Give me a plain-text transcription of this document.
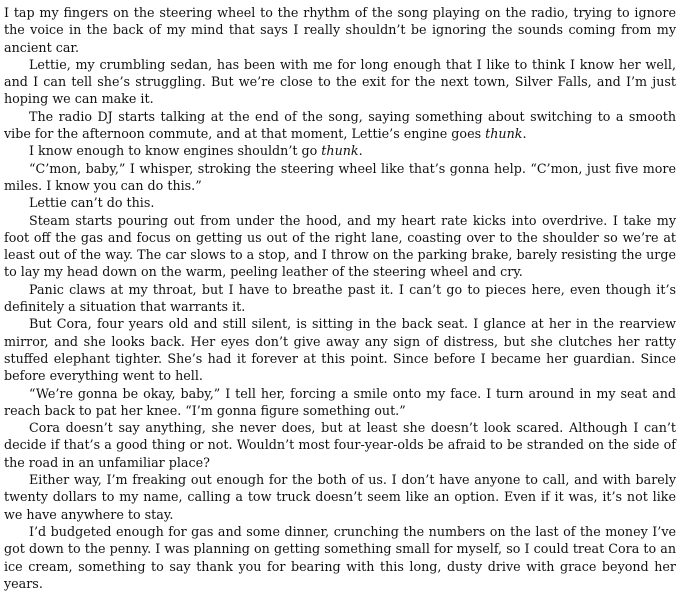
I tap my fingers on the steering wheel to the rhythm of the song playing on the radio, trying to ignore the voice in the back of my mind that says I really shouldn’t be ignoring the sounds coming from my ancient car.

Lettie, my crumbling sedan, has been with me for long enough that I like to think I know her well, and I can tell she’s struggling. But we’re close to the exit for the next town, Silver Falls, and I’m just hoping we can make it.

The radio DJ starts talking at the end of the song, saying something about switching to a smooth vibe for the afternoon commute, and at that moment, Lettie’s engine goes thunk.

I know enough to know engines shouldn’t go thunk.

“C’mon, baby,” I whisper, stroking the steering wheel like that’s gonna help. “C’mon, just five more miles. I know you can do this.”

Lettie can’t do this.

Steam starts pouring out from under the hood, and my heart rate kicks into overdrive. I take my foot off the gas and focus on getting us out of the right lane, coasting over to the shoulder so we’re at least out of the way. The car slows to a stop, and I throw on the parking brake, barely resisting the urge to lay my head down on the warm, peeling leather of the steering wheel and cry.

Panic claws at my throat, but I have to breathe past it. I can’t go to pieces here, even though it’s definitely a situation that warrants it.

But Cora, four years old and still silent, is sitting in the back seat. I glance at her in the rearview mirror, and she looks back. Her eyes don’t give away any sign of distress, but she clutches her ratty stuffed elephant tighter. She’s had it forever at this point. Since before I became her guardian. Since before everything went to hell.

“We’re gonna be okay, baby,” I tell her, forcing a smile onto my face. I turn around in my seat and reach back to pat her knee. “I’m gonna figure something out.”

Cora doesn’t say anything, she never does, but at least she doesn’t look scared. Although I can’t decide if that’s a good thing or not. Wouldn’t most four-year-olds be afraid to be stranded on the side of the road in an unfamiliar place?

Either way, I’m freaking out enough for the both of us. I don’t have anyone to call, and with barely twenty dollars to my name, calling a tow truck doesn’t seem like an option. Even if it was, it’s not like we have anywhere to stay.

I’d budgeted enough for gas and some dinner, crunching the numbers on the last of the money I’ve got down to the penny. I was planning on getting something small for myself, so I could treat Cora to an ice cream, something to say thank you for bearing with this long, dusty drive with grace beyond her years.
